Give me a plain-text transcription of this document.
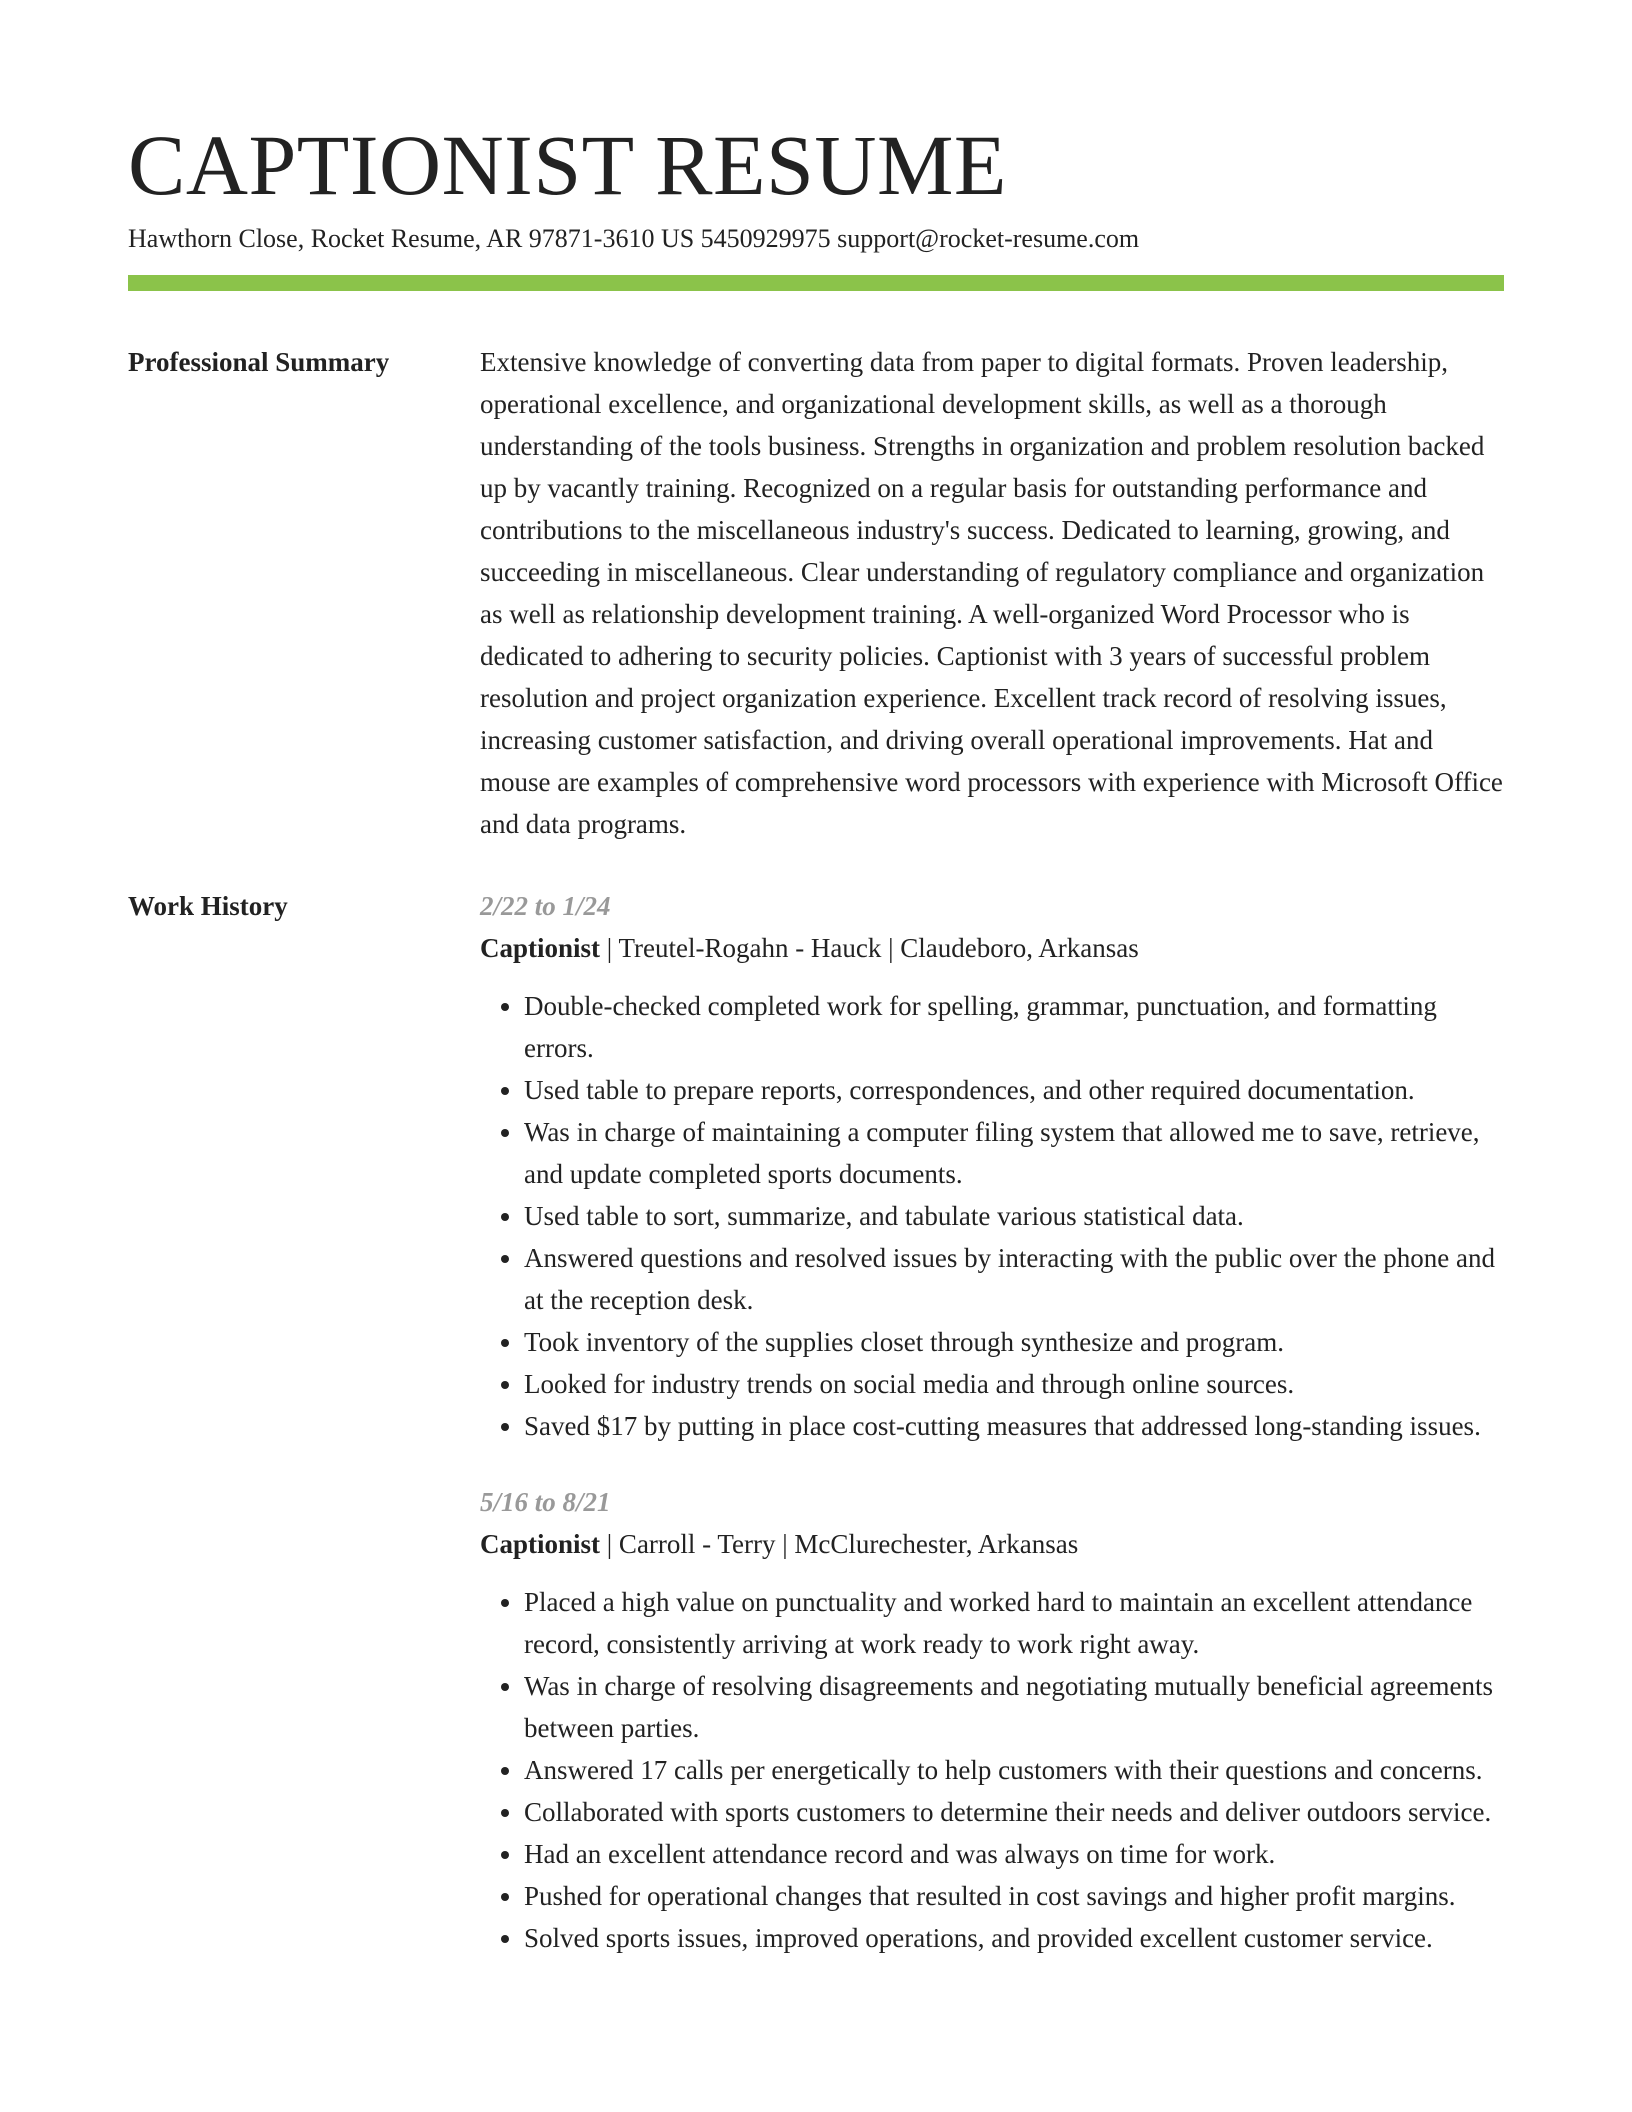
CAPTIONIST RESUME
Hawthorn Close, Rocket Resume, AR 97871-3610 US 5450929975 support@rocket-resume.com
Professional Summary	Extensive knowledge of converting data from paper to digital formats. Proven leadership, operational excellence, and organizational development skills, as well as a thorough understanding of the tools business. Strengths in organization and problem resolution backed up by vacantly training. Recognized on a regular basis for outstanding performance and contributions to the miscellaneous industry's success. Dedicated to learning, growing, and succeeding in miscellaneous. Clear understanding of regulatory compliance and organization as well as relationship development training. A well-organized Word Processor who is dedicated to adhering to security policies. Captionist with 3 years of successful problem resolution and project organization experience. Excellent track record of resolving issues, increasing customer satisfaction, and driving overall operational improvements. Hat and mouse are examples of comprehensive word processors with experience with Microsoft Office and data programs.

Work History	2/22 to 1/24
Captionist | Treutel-Rogahn - Hauck | Claudeboro, Arkansas
• Double-checked completed work for spelling, grammar, punctuation, and formatting errors.
• Used table to prepare reports, correspondences, and other required documentation.
• Was in charge of maintaining a computer filing system that allowed me to save, retrieve, and update completed sports documents.
• Used table to sort, summarize, and tabulate various statistical data.
• Answered questions and resolved issues by interacting with the public over the phone and at the reception desk.
• Took inventory of the supplies closet through synthesize and program.
• Looked for industry trends on social media and through online sources.
• Saved $17 by putting in place cost-cutting measures that addressed long-standing issues.
5/16 to 8/21
Captionist | Carroll - Terry | McClurechester, Arkansas
• Placed a high value on punctuality and worked hard to maintain an excellent attendance record, consistently arriving at work ready to work right away.
• Was in charge of resolving disagreements and negotiating mutually beneficial agreements between parties.
• Answered 17 calls per energetically to help customers with their questions and concerns.
• Collaborated with sports customers to determine their needs and deliver outdoors service.
• Had an excellent attendance record and was always on time for work.
• Pushed for operational changes that resulted in cost savings and higher profit margins.
• Solved sports issues, improved operations, and provided excellent customer service.
